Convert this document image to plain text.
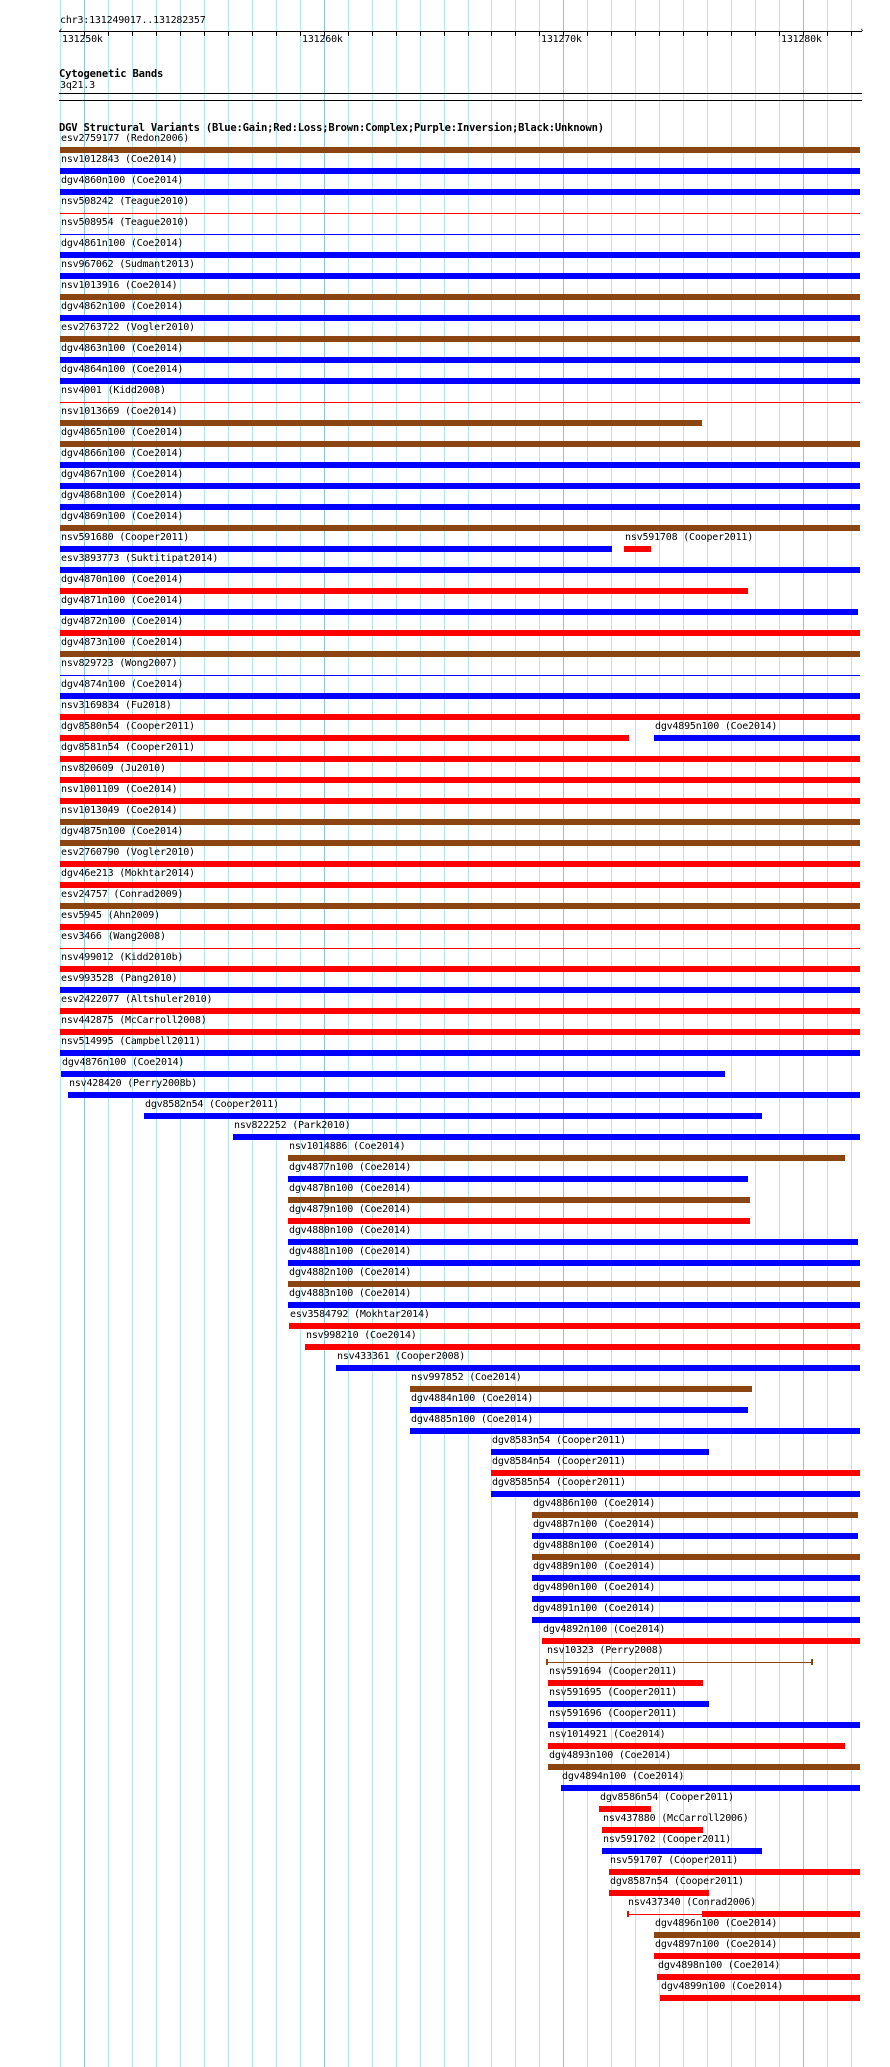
chr3:131249017..131282357
‹	›
131250k	131260k	131270k	131280k
Cytogenetic Bands
3q21.3
DGV Structural Variants (Blue:Gain;Red:Loss;Brown:Complex;Purple:Inversion;Black:Unknown)
esv2759177 (Redon2006)
nsv1012843 (Coe2014)
dgv4860n100 (Coe2014)
nsv508242 (Teague2010)
nsv508954 (Teague2010)
dgv4861n100 (Coe2014)
nsv967062 (Sudmant2013)
nsv1013916 (Coe2014)
dgv4862n100 (Coe2014)
esv2763722 (Vogler2010)
dgv4863n100 (Coe2014)
dgv4864n100 (Coe2014)
nsv4001 (Kidd2008)
nsv1013669 (Coe2014)
dgv4865n100 (Coe2014)
dgv4866n100 (Coe2014)
dgv4867n100 (Coe2014)
dgv4868n100 (Coe2014)
dgv4869n100 (Coe2014)
nsv591680 (Cooper2011)	nsv591708 (Cooper2011)
esv3893773 (Suktitipat2014)
dgv4870n100 (Coe2014)
dgv4871n100 (Coe2014)
dgv4872n100 (Coe2014)
dgv4873n100 (Coe2014)
nsv829723 (Wong2007)
dgv4874n100 (Coe2014)
nsv3169834 (Fu2018)
dgv8580n54 (Cooper2011)	dgv4895n100 (Coe2014)
dgv8581n54 (Cooper2011)
nsv820609 (Ju2010)
nsv1001109 (Coe2014)
nsv1013049 (Coe2014)
dgv4875n100 (Coe2014)
esv2760790 (Vogler2010)
dgv46e213 (Mokhtar2014)
esv24757 (Conrad2009)
esv5945 (Ahn2009)
esv3466 (Wang2008)
nsv499012 (Kidd2010b)
esv993528 (Pang2010)
esv2422077 (Altshuler2010)
nsv442875 (McCarroll2008)
nsv514995 (Campbell2011)
dgv4876n100 (Coe2014)
nsv428420 (Perry2008b)
dgv8582n54 (Cooper2011)
nsv822252 (Park2010)
nsv1014886 (Coe2014)
dgv4877n100 (Coe2014)
dgv4878n100 (Coe2014)
dgv4879n100 (Coe2014)
dgv4880n100 (Coe2014)
dgv4881n100 (Coe2014)
dgv4882n100 (Coe2014)
dgv4883n100 (Coe2014)
esv3584792 (Mokhtar2014)
nsv998210 (Coe2014)
nsv433361 (Cooper2008)
nsv997852 (Coe2014)
dgv4884n100 (Coe2014)
dgv4885n100 (Coe2014)
dgv8583n54 (Cooper2011)
dgv8584n54 (Cooper2011)
dgv8585n54 (Cooper2011)
dgv4886n100 (Coe2014)
dgv4887n100 (Coe2014)
dgv4888n100 (Coe2014)
dgv4889n100 (Coe2014)
dgv4890n100 (Coe2014)
dgv4891n100 (Coe2014)
dgv4892n100 (Coe2014)
nsv10323 (Perry2008)
nsv591694 (Cooper2011)
nsv591695 (Cooper2011)
nsv591696 (Cooper2011)
nsv1014921 (Coe2014)
dgv4893n100 (Coe2014)
dgv4894n100 (Coe2014)
dgv8586n54 (Cooper2011)
nsv437880 (McCarroll2006)
nsv591702 (Cooper2011)
nsv591707 (Cooper2011)
dgv8587n54 (Cooper2011)
nsv437340 (Conrad2006)
dgv4896n100 (Coe2014)
dgv4897n100 (Coe2014)
dgv4898n100 (Coe2014)
dgv4899n100 (Coe2014)
